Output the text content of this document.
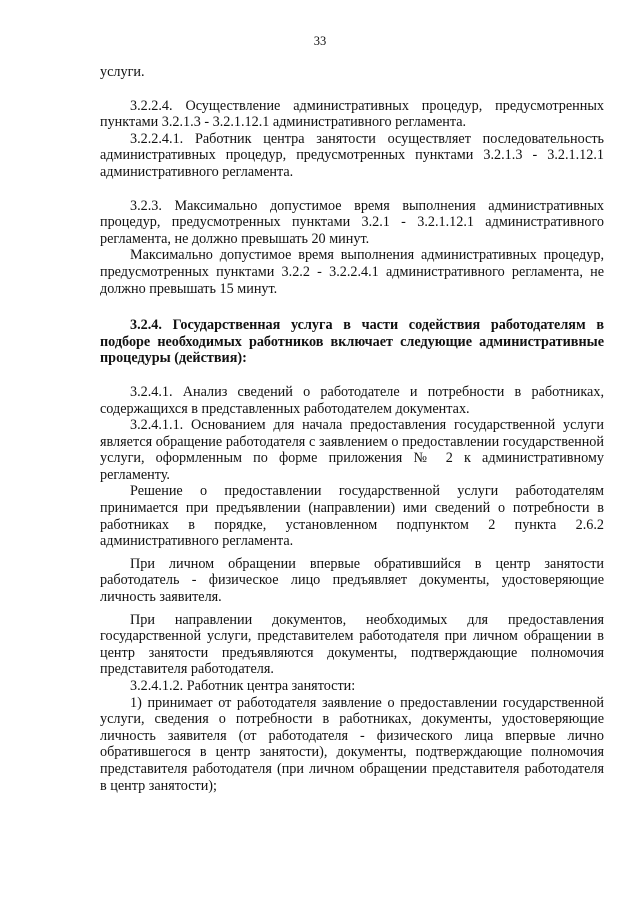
33

услуги.

3.2.2.4. Осуществление административных процедур, предусмотренных пунктами 3.2.1.3 - 3.2.1.12.1 административного регламента.

3.2.2.4.1. Работник центра занятости осуществляет последовательность административных процедур, предусмотренных пунктами 3.2.1.3 - 3.2.1.12.1 административного регламента.

3.2.3. Максимально допустимое время выполнения административных процедур, предусмотренных пунктами 3.2.1 - 3.2.1.12.1 административного регламента, не должно превышать 20 минут.

Максимально допустимое время выполнения административных процедур, предусмотренных пунктами 3.2.2 - 3.2.2.4.1 административного регламента, не должно превышать 15 минут.

3.2.4. Государственная услуга в части содействия работодателям в подборе необходимых работников включает следующие административные процедуры (действия):

3.2.4.1. Анализ сведений о работодателе и потребности в работниках, содержащихся в представленных работодателем документах.

3.2.4.1.1. Основанием для начала предоставления государственной услуги является обращение работодателя с заявлением о предоставлении государственной услуги, оформленным по форме приложения № 2 к административному регламенту.

Решение о предоставлении государственной услуги работодателям принимается при предъявлении (направлении) ими сведений о потребности в работниках в порядке, установленном подпунктом 2 пункта 2.6.2 административного регламента.

При личном обращении впервые обратившийся в центр занятости работодатель - физическое лицо предъявляет документы, удостоверяющие личность заявителя.

При направлении документов, необходимых для предоставления государственной услуги, представителем работодателя при личном обращении в центр занятости предъявляются документы, подтверждающие полномочия представителя работодателя.

3.2.4.1.2. Работник центра занятости:

1) принимает от работодателя заявление о предоставлении государственной услуги, сведения о потребности в работниках, документы, удостоверяющие личность заявителя (от работодателя - физического лица впервые лично обратившегося в центр занятости), документы, подтверждающие полномочия представителя работодателя (при личном обращении представителя работодателя в центр занятости);
